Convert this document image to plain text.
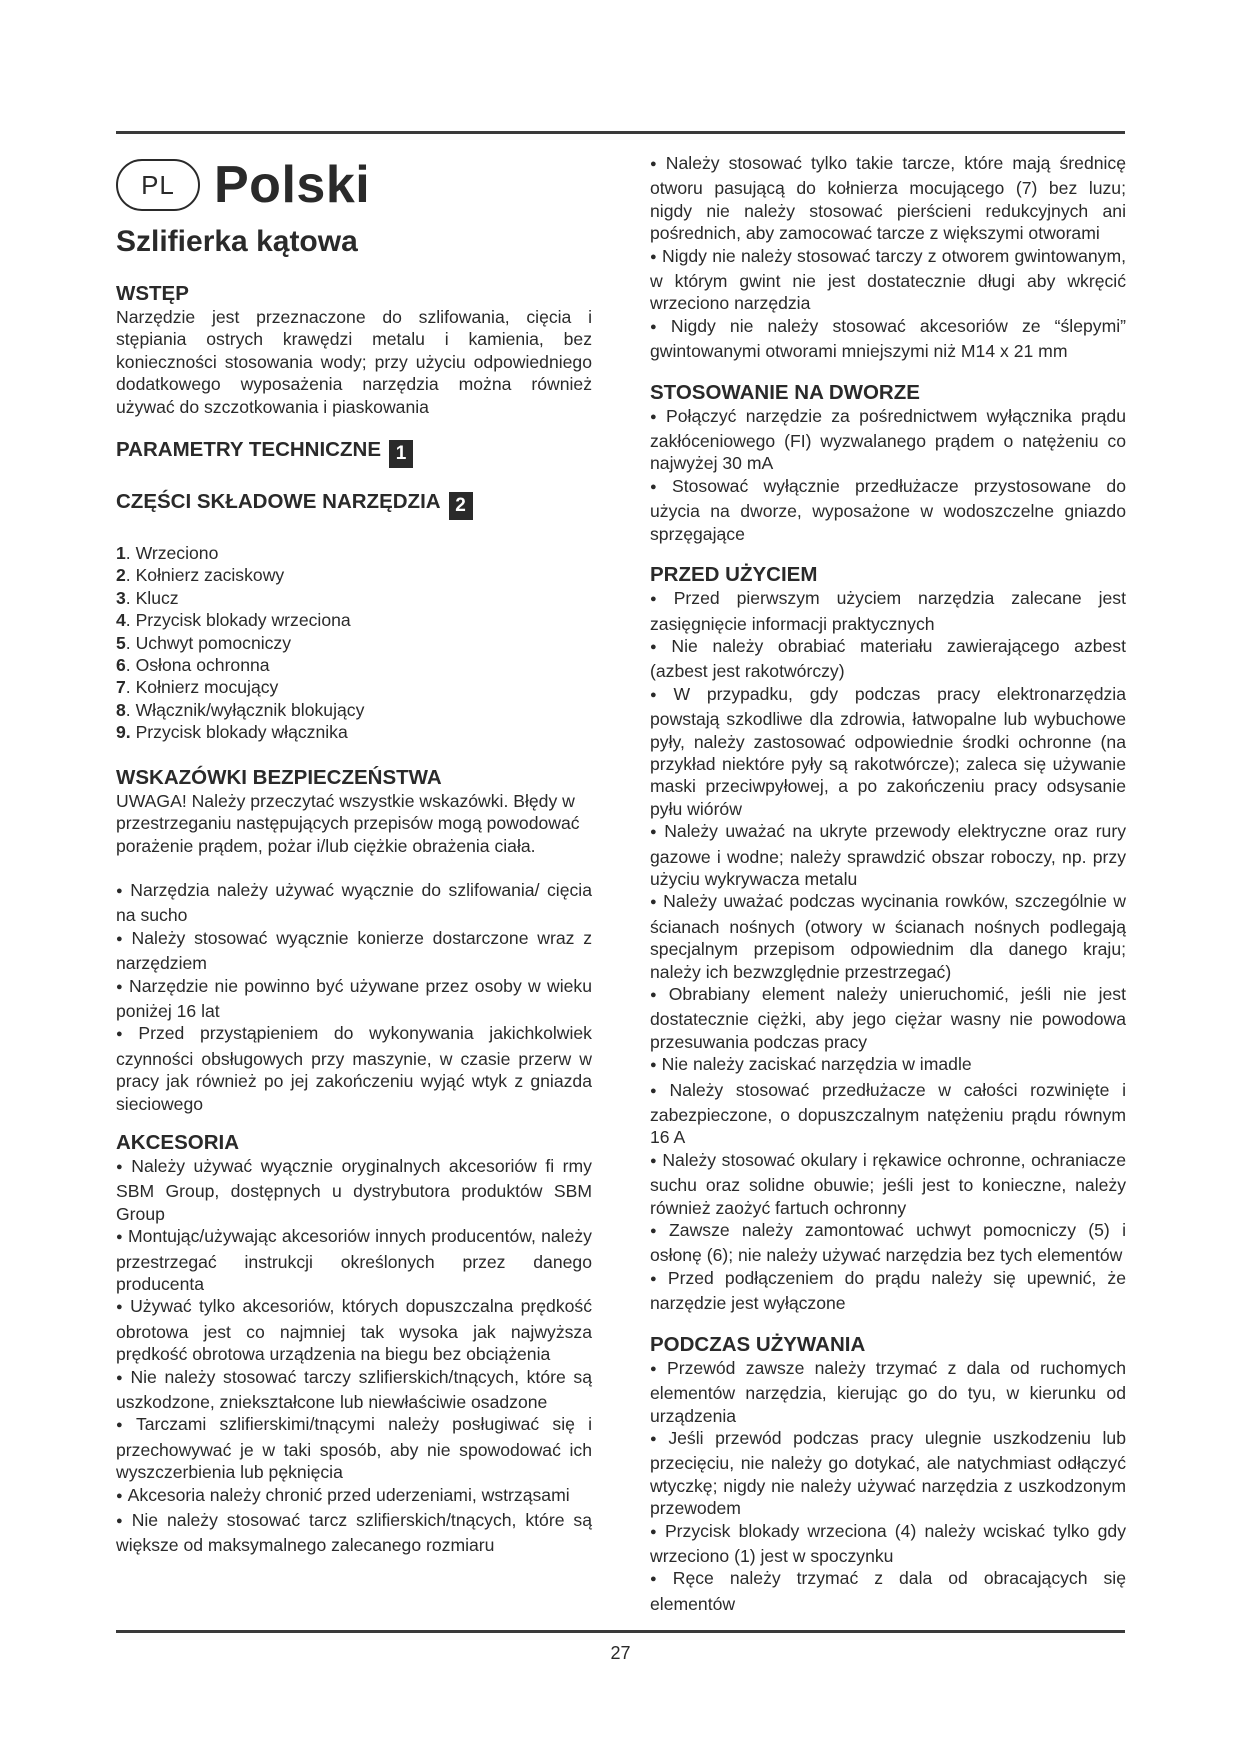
PL Polski
Szlifierka kątowa
WSTĘP

Narzędzie jest przeznaczone do szlifowania, cięcia i stępiania ostrych krawędzi metalu i kamienia, bez konieczności stosowania wody; przy użyciu odpowiedniego dodatkowego wyposażenia narzędzia można również używać do szczotkowania i piaskowania

PARAMETRY TECHNICZNE 1
CZĘŚCI SKŁADOWE NARZĘDZIA 2
1. Wrzeciono
2. Kołnierz zaciskowy
3. Klucz
4. Przycisk blokady wrzeciona
5. Uchwyt pomocniczy
6. Osłona ochronna
7. Kołnierz mocujący
8. Włącznik/wyłącznik blokujący
9. Przycisk blokady włącznika
WSKAZÓWKI BEZPIECZEŃSTWA

UWAGA! Należy przeczytać wszystkie wskazówki. Błędy w przestrzeganiu następujących przepisów mogą powodować porażenie prądem, pożar i/lub ciężkie obrażenia ciała.

● Narzędzia należy używać wyącznie do szlifowania/ cięcia na sucho
● Należy stosować wyącznie konierze dostarczone wraz z narzędziem
● Narzędzie nie powinno być używane przez osoby w wieku poniżej 16 lat
● Przed przystąpieniem do wykonywania jakichkolwiek czynności obsługowych przy maszynie, w czasie przerw w pracy jak również po jej zakończeniu wyjąć wtyk z gniazda sieciowego
AKCESORIA
● Należy używać wyącznie oryginalnych akcesoriów fi rmy SBM Group, dostępnych u dystrybutora produktów SBM Group
● Montując/używając akcesoriów innych producentów, należy przestrzegać instrukcji określonych przez danego producenta
● Używać tylko akcesoriów, których dopuszczalna prędkość obrotowa jest co najmniej tak wysoka jak najwyższa prędkość obrotowa urządzenia na biegu bez obciążenia
● Nie należy stosować tarczy szlifierskich/tnących, które są uszkodzone, zniekształcone lub niewłaściwie osadzone
● Tarczami szlifierskimi/tnącymi należy posługiwać się i przechowywać je w taki sposób, aby nie spowodować ich wyszczerbienia lub pęknięcia
● Akcesoria należy chronić przed uderzeniami, wstrząsami
● Nie należy stosować tarcz szlifierskich/tnących, które są większe od maksymalnego zalecanego rozmiaru
● Należy stosować tylko takie tarcze, które mają średnicę otworu pasującą do kołnierza mocującego (7) bez luzu; nigdy nie należy stosować pierścieni redukcyjnych ani pośrednich, aby zamocować tarcze z większymi otworami
● Nigdy nie należy stosować tarczy z otworem gwintowanym, w którym gwint nie jest dostatecznie długi aby wkręcić wrzeciono narzędzia
● Nigdy nie należy stosować akcesoriów ze “ślepymi” gwintowanymi otworami mniejszymi niż M14 x 21 mm
STOSOWANIE NA DWORZE
● Połączyć narzędzie za pośrednictwem wyłącznika prądu zakłóceniowego (FI) wyzwalanego prądem o natężeniu co najwyżej 30 mA
● Stosować wyłącznie przedłużacze przystosowane do użycia na dworze, wyposażone w wodoszczelne gniazdo sprzęgające
PRZED UŻYCIEM
● Przed pierwszym użyciem narzędzia zalecane jest zasięgnięcie informacji praktycznych
● Nie należy obrabiać materiału zawierającego azbest (azbest jest rakotwórczy)
● W przypadku, gdy podczas pracy elektronarzędzia powstają szkodliwe dla zdrowia, łatwopalne lub wybuchowe pyły, należy zastosować odpowiednie środki ochronne (na przykład niektóre pyły są rakotwórcze); zaleca się używanie maski przeciwpyłowej, a po zakończeniu pracy odsysanie pyłu wiórów
● Należy uważać na ukryte przewody elektryczne oraz rury gazowe i wodne; należy sprawdzić obszar roboczy, np. przy użyciu wykrywacza metalu
● Należy uważać podczas wycinania rowków, szczególnie w ścianach nośnych (otwory w ścianach nośnych podlegają specjalnym przepisom odpowiednim dla danego kraju; należy ich bezwzględnie przestrzegać)
● Obrabiany element należy unieruchomić, jeśli nie jest dostatecznie ciężki, aby jego ciężar wasny nie powodowa przesuwania podczas pracy
● Nie należy zaciskać narzędzia w imadle
● Należy stosować przedłużacze w całości rozwinięte i zabezpieczone, o dopuszczalnym natężeniu prądu równym 16 A
● Należy stosować okulary i rękawice ochronne, ochraniacze suchu oraz solidne obuwie; jeśli jest to konieczne, należy również zaożyć fartuch ochronny
● Zawsze należy zamontować uchwyt pomocniczy (5) i osłonę (6); nie należy używać narzędzia bez tych elementów
● Przed podłączeniem do prądu należy się upewnić, że narzędzie jest wyłączone
PODCZAS UŻYWANIA
● Przewód zawsze należy trzymać z dala od ruchomych elementów narzędzia, kierując go do tyu, w kierunku od urządzenia
● Jeśli przewód podczas pracy ulegnie uszkodzeniu lub przecięciu, nie należy go dotykać, ale natychmiast odłączyć wtyczkę; nigdy nie należy używać narzędzia z uszkodzonym przewodem
● Przycisk blokady wrzeciona (4) należy wciskać tylko gdy wrzeciono (1) jest w spoczynku
● Ręce należy trzymać z dala od obracających się elementów
27
